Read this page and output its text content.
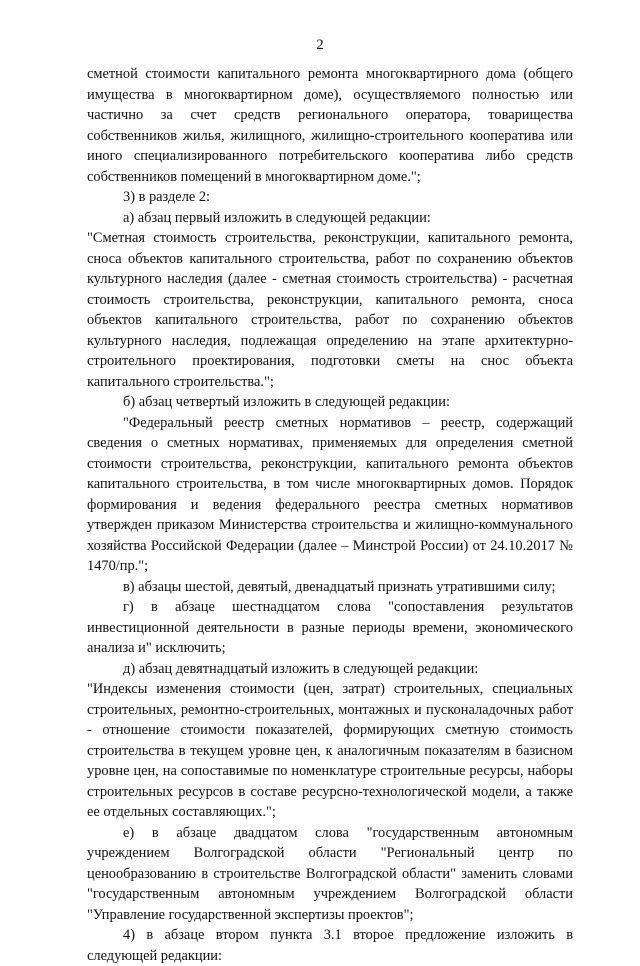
2

сметной стоимости капитального ремонта многоквартирного дома (общего имущества в многоквартирном доме), осуществляемого полностью или частично за счет средств регионального оператора, товарищества собственников жилья, жилищного, жилищно-строительного кооператива или иного специализированного потребительского кооператива либо средств собственников помещений в многоквартирном доме.";

3) в разделе 2:

а) абзац первый изложить в следующей редакции:

"Сметная стоимость строительства, реконструкции, капитального ремонта, сноса объектов капитального строительства, работ по сохранению объектов культурного наследия (далее - сметная стоимость строительства) - расчетная стоимость строительства, реконструкции, капитального ремонта, сноса объектов капитального строительства, работ по сохранению объектов культурного наследия, подлежащая определению на этапе архитектурно-строительного проектирования, подготовки сметы на снос объекта капитального строительства.";

б) абзац четвертый изложить в следующей редакции:

"Федеральный реестр сметных нормативов – реестр, содержащий сведения о сметных нормативах, применяемых для определения сметной стоимости строительства, реконструкции, капитального ремонта объектов капитального строительства, в том числе многоквартирных домов. Порядок формирования и ведения федерального реестра сметных нормативов утвержден приказом Министерства строительства и жилищно-коммунального хозяйства Российской Федерации (далее – Минстрой России) от 24.10.2017 № 1470/пр.";

в) абзацы шестой, девятый, двенадцатый признать утратившими силу;

г) в абзаце шестнадцатом слова "сопоставления результатов инвестиционной деятельности в разные периоды времени, экономического анализа и" исключить;

д) абзац девятнадцатый изложить в следующей редакции:

"Индексы изменения стоимости (цен, затрат) строительных, специальных строительных, ремонтно-строительных, монтажных и пусконаладочных работ - отношение стоимости показателей, формирующих сметную стоимость строительства в текущем уровне цен, к аналогичным показателям в базисном уровне цен, на сопоставимые по номенклатуре строительные ресурсы, наборы строительных ресурсов в составе ресурсно-технологической модели, а также ее отдельных составляющих.";

е) в абзаце двадцатом слова "государственным автономным учреждением Волгоградской области "Региональный центр по ценообразованию в строительстве Волгоградской области" заменить словами "государственным автономным учреждением Волгоградской области "Управление государственной экспертизы проектов";

4) в абзаце втором пункта 3.1 второе предложение изложить в следующей редакции:
